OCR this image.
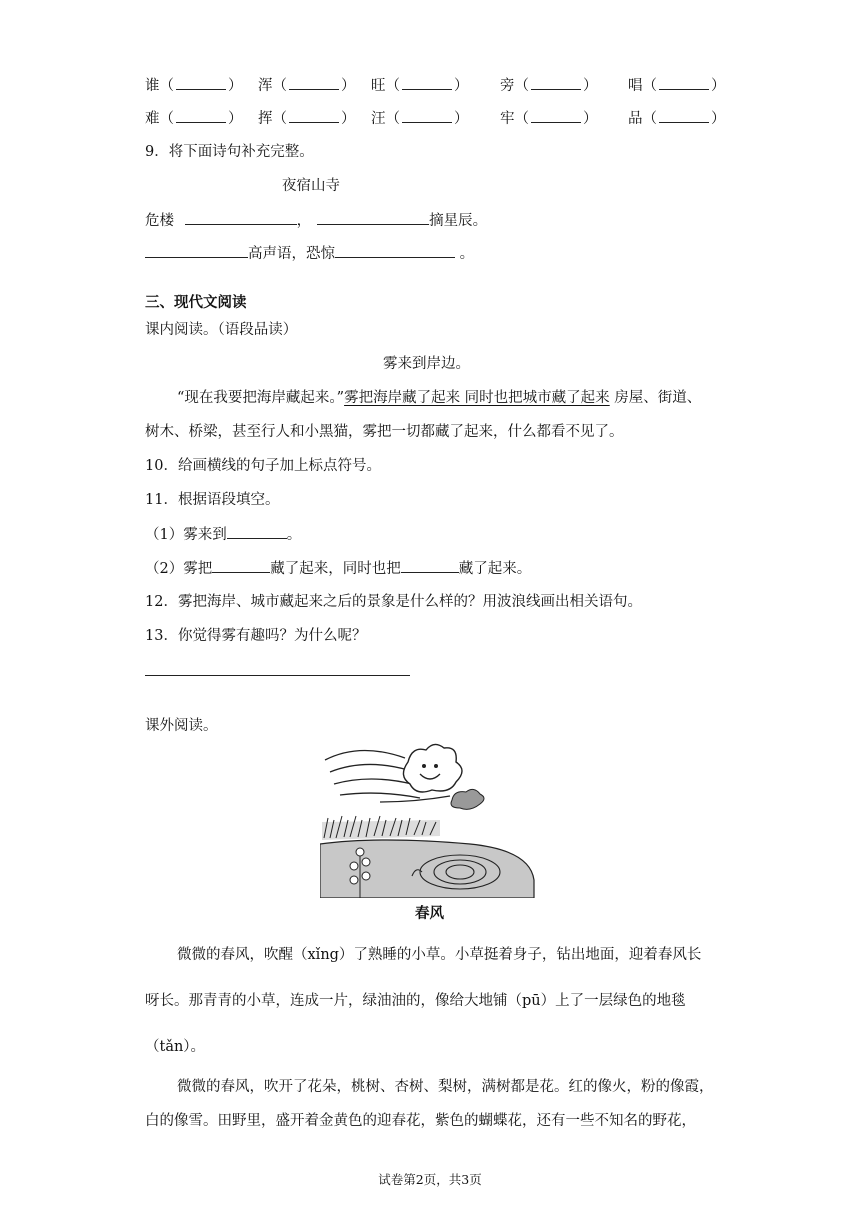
谁（	） 浑（	） 旺（	） 旁（	） 唱（	）
难（	） 挥（	） 汪（	） 牢（	） 品（	）
9．将下面诗句补充完整。
夜宿山寺
危楼	，	摘星辰。
高声语，恐惊	。
三、现代文阅读
课内阅读。（语段品读）
雾来到岸边。
“现在我要把海岸藏起来。”雾把海岸藏了起来 同时也把城市藏了起来 房屋、街道、
树木、桥梁，甚至行人和小黑猫，雾把一切都藏了起来，什么都看不见了。
10．给画横线的句子加上标点符号。
11．根据语段填空。
（1）雾来到	。
（2）雾把	藏了起来，同时也把	藏了起来。
12．雾把海岸、城市藏起来之后的景象是什么样的？用波浪线画出相关语句。
13．你觉得雾有趣吗？为什么呢？
课外阅读。
春风
微微的春风，吹醒（xǐng）了熟睡的小草。小草挺着身子，钻出地面，迎着春风长
呀长。那青青的小草，连成一片，绿油油的，像给大地铺（pū）上了一层绿色的地毯
（tǎn）。
微微的春风，吹开了花朵，桃树、杏树、梨树，满树都是花。红的像火，粉的像霞，
白的像雪。田野里，盛开着金黄色的迎春花，紫色的蝴蝶花，还有一些不知名的野花，
试卷第2页，共3页
